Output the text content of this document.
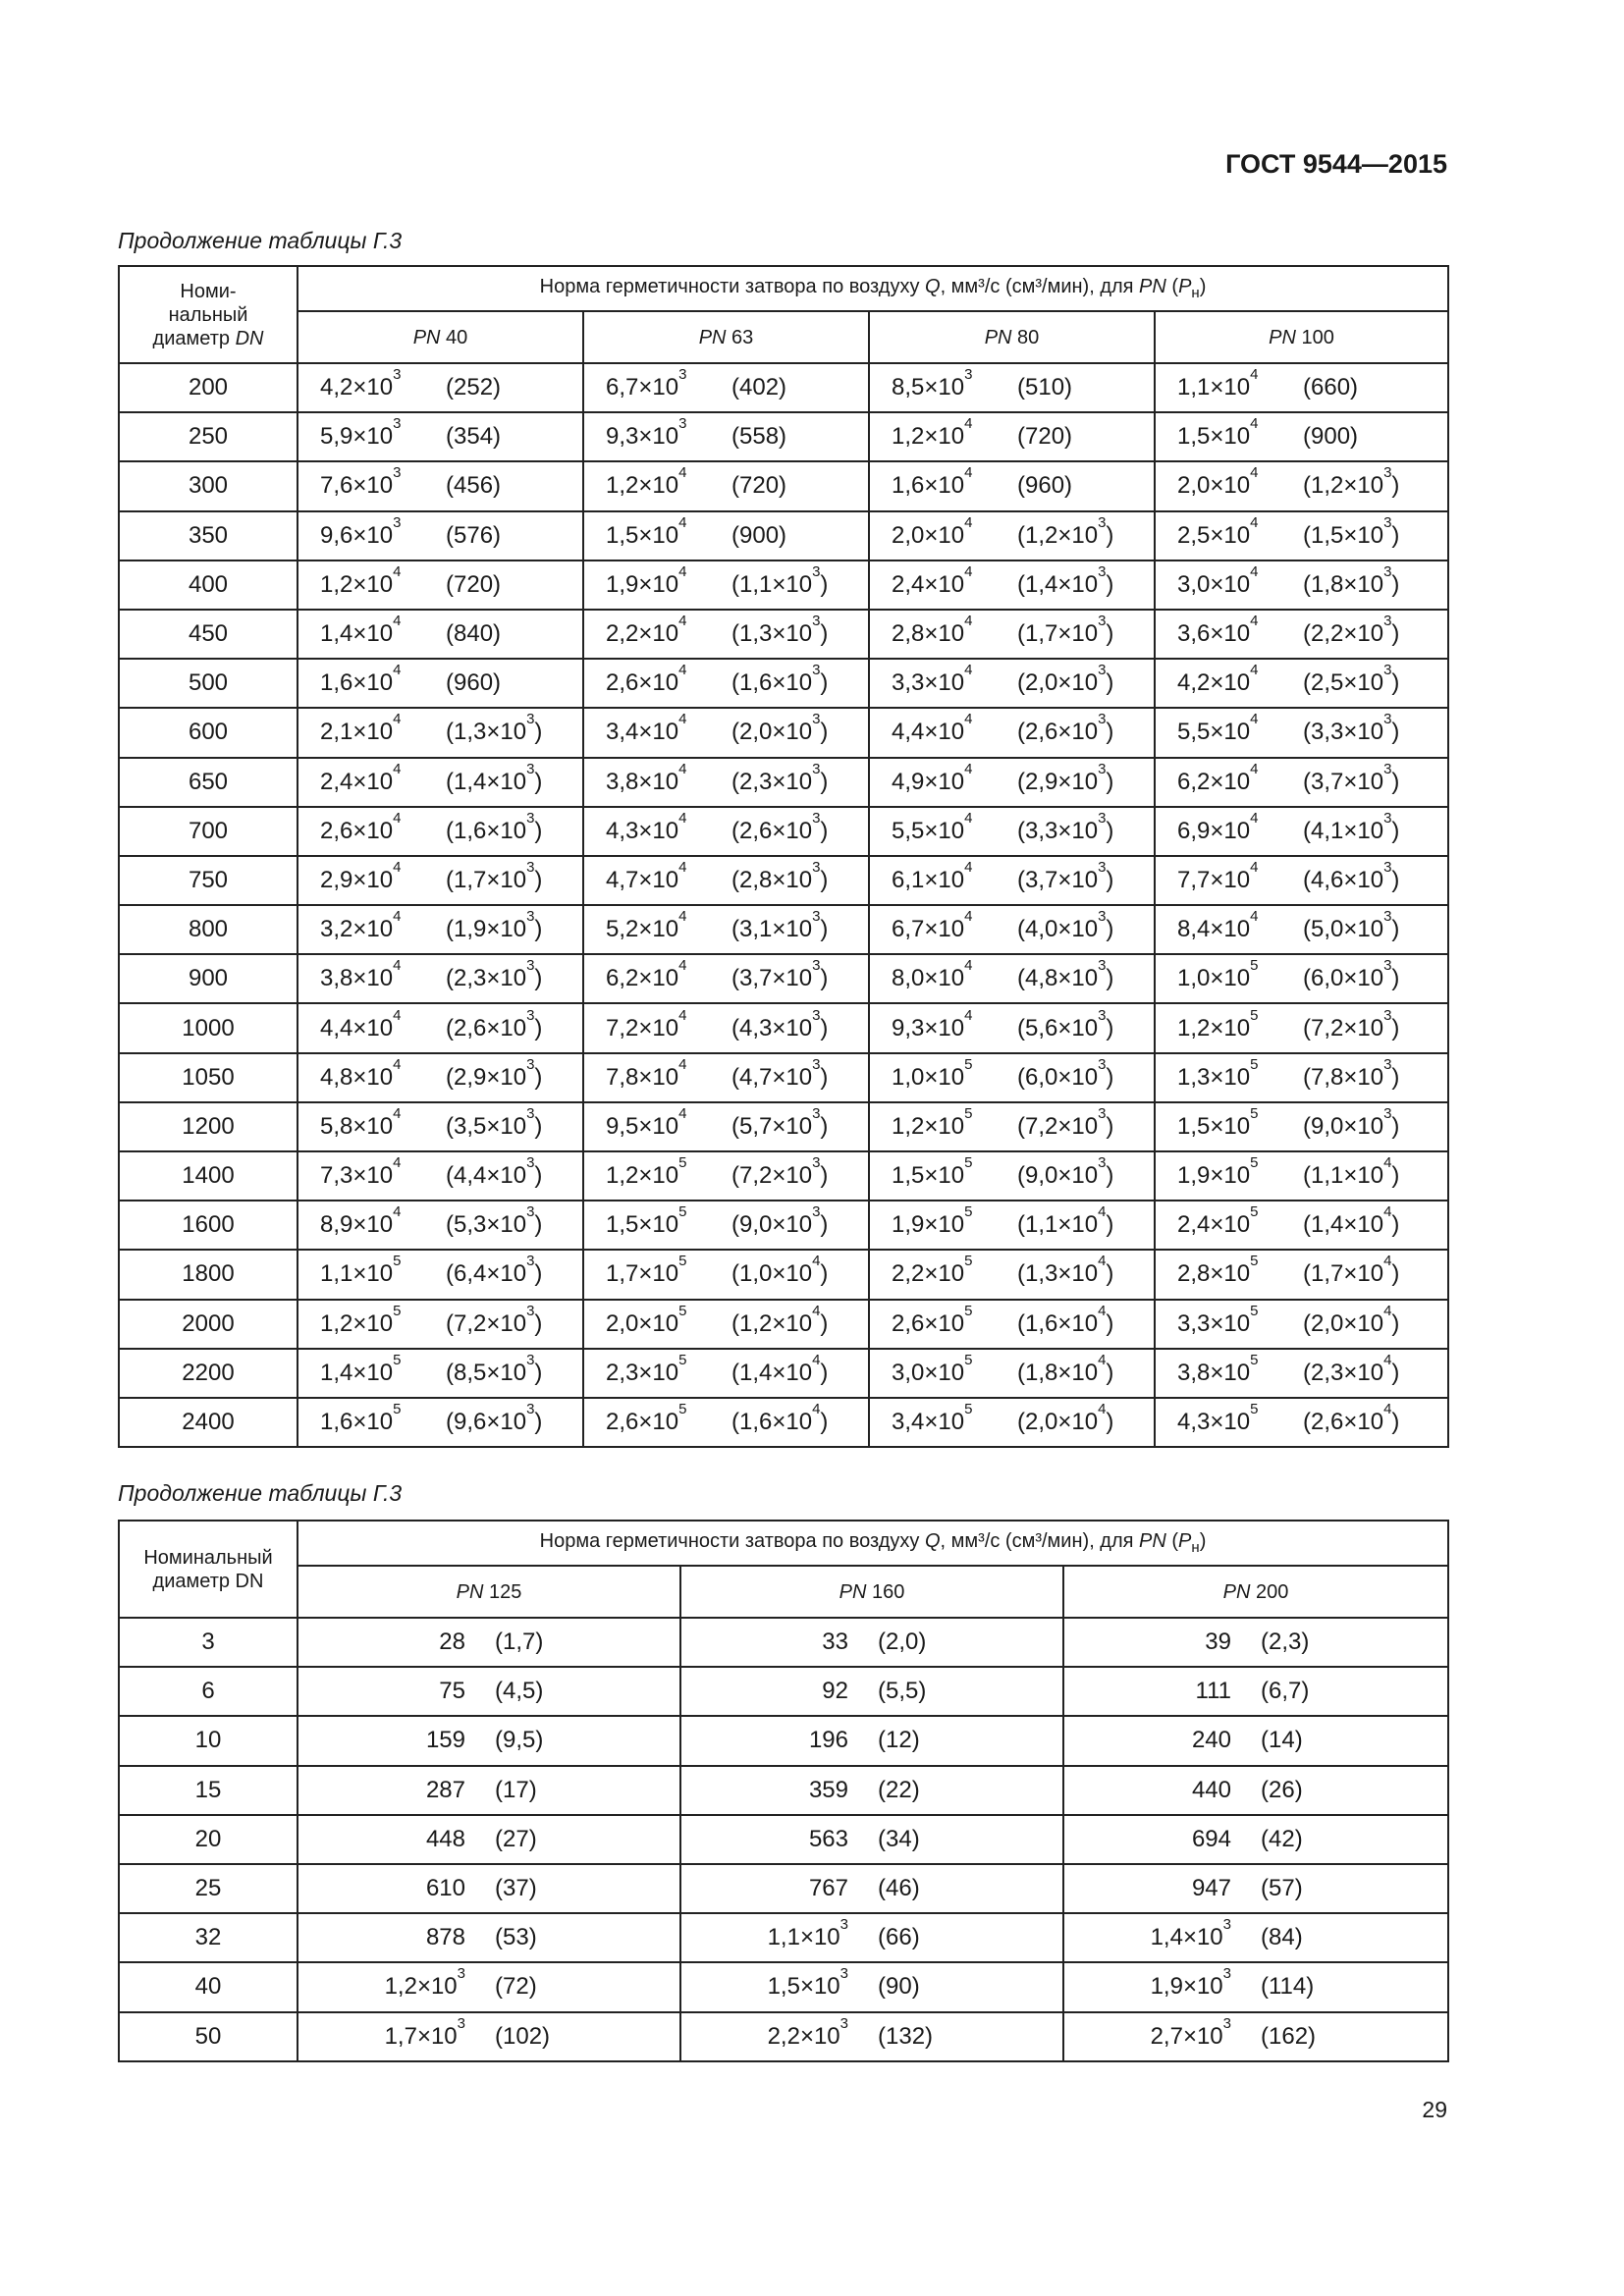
ГОСТ 9544—2015
Продолжение таблицы Г.3
Номи-
нальный
диаметр DN	Норма герметичности затвора по воздуху Q, мм³/с (см³/мин), для PN $(P_н)$			
	PN 40	PN 63	PN 80	PN 100
200	$4,2\times 10^3$ (252)	$6,7\times 10^3$ (402)	$8,5\times 10^3$ (510)	$1,1\times 10^4$ (660)
250	$5,9\times 10^3$ (354)	$9,3\times 10^3$ (558)	$1,2\times 10^4$ (720)	$1,5\times 10^4$ (900)
300	$7,6\times 10^3$ (456)	$1,2\times 10^4$ (720)	$1,6\times 10^4$ (960)	$2,0\times 10^4$ $(1,2\times 10^3)$
350	$9,6\times 10^3$ (576)	$1,5\times 10^4$ (900)	$2,0\times 10^4$ $(1,2\times 10^3)$	$2,5\times 10^4$ $(1,5\times 10^3)$
400	$1,2\times 10^4$ (720)	$1,9\times 10^4$ $(1,1\times 10^3)$	$2,4\times 10^4$ $(1,4\times 10^3)$	$3,0\times 10^4$ $(1,8\times 10^3)$
450	$1,4\times 10^4$ (840)	$2,2\times 10^4$ $(1,3\times 10^3)$	$2,8\times 10^4$ $(1,7\times 10^3)$	$3,6\times 10^4$ $(2,2\times 10^3)$
500	$1,6\times 10^4$ (960)	$2,6\times 10^4$ $(1,6\times 10^3)$	$3,3\times 10^4$ $(2,0\times 10^3)$	$4,2\times 10^4$ $(2,5\times 10^3)$
600	$2,1\times 10^4$ $(1,3\times 10^3)$	$3,4\times 10^4$ $(2,0\times 10^3)$	$4,4\times 10^4$ $(2,6\times 10^3)$	$5,5\times 10^4$ $(3,3\times 10^3)$
650	$2,4\times 10^4$ $(1,4\times 10^3)$	$3,8\times 10^4$ $(2,3\times 10^3)$	$4,9\times 10^4$ $(2,9\times 10^3)$	$6,2\times 10^4$ $(3,7\times 10^3)$
700	$2,6\times 10^4$ $(1,6\times 10^3)$	$4,3\times 10^4$ $(2,6\times 10^3)$	$5,5\times 10^4$ $(3,3\times 10^3)$	$6,9\times 10^4$ $(4,1\times 10^3)$
750	$2,9\times 10^4$ $(1,7\times 10^3)$	$4,7\times 10^4$ $(2,8\times 10^3)$	$6,1\times 10^4$ $(3,7\times 10^3)$	$7,7\times 10^4$ $(4,6\times 10^3)$
800	$3,2\times 10^4$ $(1,9\times 10^3)$	$5,2\times 10^4$ $(3,1\times 10^3)$	$6,7\times 10^4$ $(4,0\times 10^3)$	$8,4\times 10^4$ $(5,0\times 10^3)$
900	$3,8\times 10^4$ $(2,3\times 10^3)$	$6,2\times 10^4$ $(3,7\times 10^3)$	$8,0\times 10^4$ $(4,8\times 10^3)$	$1,0\times 10^5$ $(6,0\times 10^3)$
1000	$4,4\times 10^4$ $(2,6\times 10^3)$	$7,2\times 10^4$ $(4,3\times 10^3)$	$9,3\times 10^4$ $(5,6\times 10^3)$	$1,2\times 10^5$ $(7,2\times 10^3)$
1050	$4,8\times 10^4$ $(2,9\times 10^3)$	$7,8\times 10^4$ $(4,7\times 10^3)$	$1,0\times 10^5$ $(6,0\times 10^3)$	$1,3\times 10^5$ $(7,8\times 10^3)$
1200	$5,8\times 10^4$ $(3,5\times 10^3)$	$9,5\times 10^4$ $(5,7\times 10^3)$	$1,2\times 10^5$ $(7,2\times 10^3)$	$1,5\times 10^5$ $(9,0\times 10^3)$
1400	$7,3\times 10^4$ $(4,4\times 10^3)$	$1,2\times 10^5$ $(7,2\times 10^3)$	$1,5\times 10^5$ $(9,0\times 10^3)$	$1,9\times 10^5$ $(1,1\times 10^4)$
1600	$8,9\times 10^4$ $(5,3\times 10^3)$	$1,5\times 10^5$ $(9,0\times 10^3)$	$1,9\times 10^5$ $(1,1\times 10^4)$	$2,4\times 10^5$ $(1,4\times 10^4)$
1800	$1,1\times 10^5$ $(6,4\times 10^3)$	$1,7\times 10^5$ $(1,0\times 10^4)$	$2,2\times 10^5$ $(1,3\times 10^4)$	$2,8\times 10^5$ $(1,7\times 10^4)$
2000	$1,2\times 10^5$ $(7,2\times 10^3)$	$2,0\times 10^5$ $(1,2\times 10^4)$	$2,6\times 10^5$ $(1,6\times 10^4)$	$3,3\times 10^5$ $(2,0\times 10^4)$
2200	$1,4\times 10^5$ $(8,5\times 10^3)$	$2,3\times 10^5$ $(1,4\times 10^4)$	$3,0\times 10^5$ $(1,8\times 10^4)$	$3,8\times 10^5$ $(2,3\times 10^4)$
2400	$1,6\times 10^5$ $(9,6\times 10^3)$	$2,6\times 10^5$ $(1,6\times 10^4)$	$3,4\times 10^5$ $(2,0\times 10^4)$	$4,3\times 10^5$ $(2,6\times 10^4)$
Продолжение таблицы Г.3
Номинальный
диаметр DN	Норма герметичности затвора по воздуху Q, мм³/с (см³/мин), для PN $(P_н)$		
	PN 125	PN 160	PN 200
3	28 (1,7)	33 (2,0)	39 (2,3)
6	75 (4,5)	92 (5,5)	111 (6,7)
10	159 (9,5)	196 (12)	240 (14)
15	287 (17)	359 (22)	440 (26)
20	448 (27)	563 (34)	694 (42)
25	610 (37)	767 (46)	947 (57)
32	878 (53)	$1,1\times 10^3$ (66)	$1,4\times 10^3$ (84)
40	$1,2\times 10^3$ (72)	$1,5\times 10^3$ (90)	$1,9\times 10^3$ (114)
50	$1,7\times 10^3$ (102)	$2,2\times 10^3$ (132)	$2,7\times 10^3$ (162)
29
